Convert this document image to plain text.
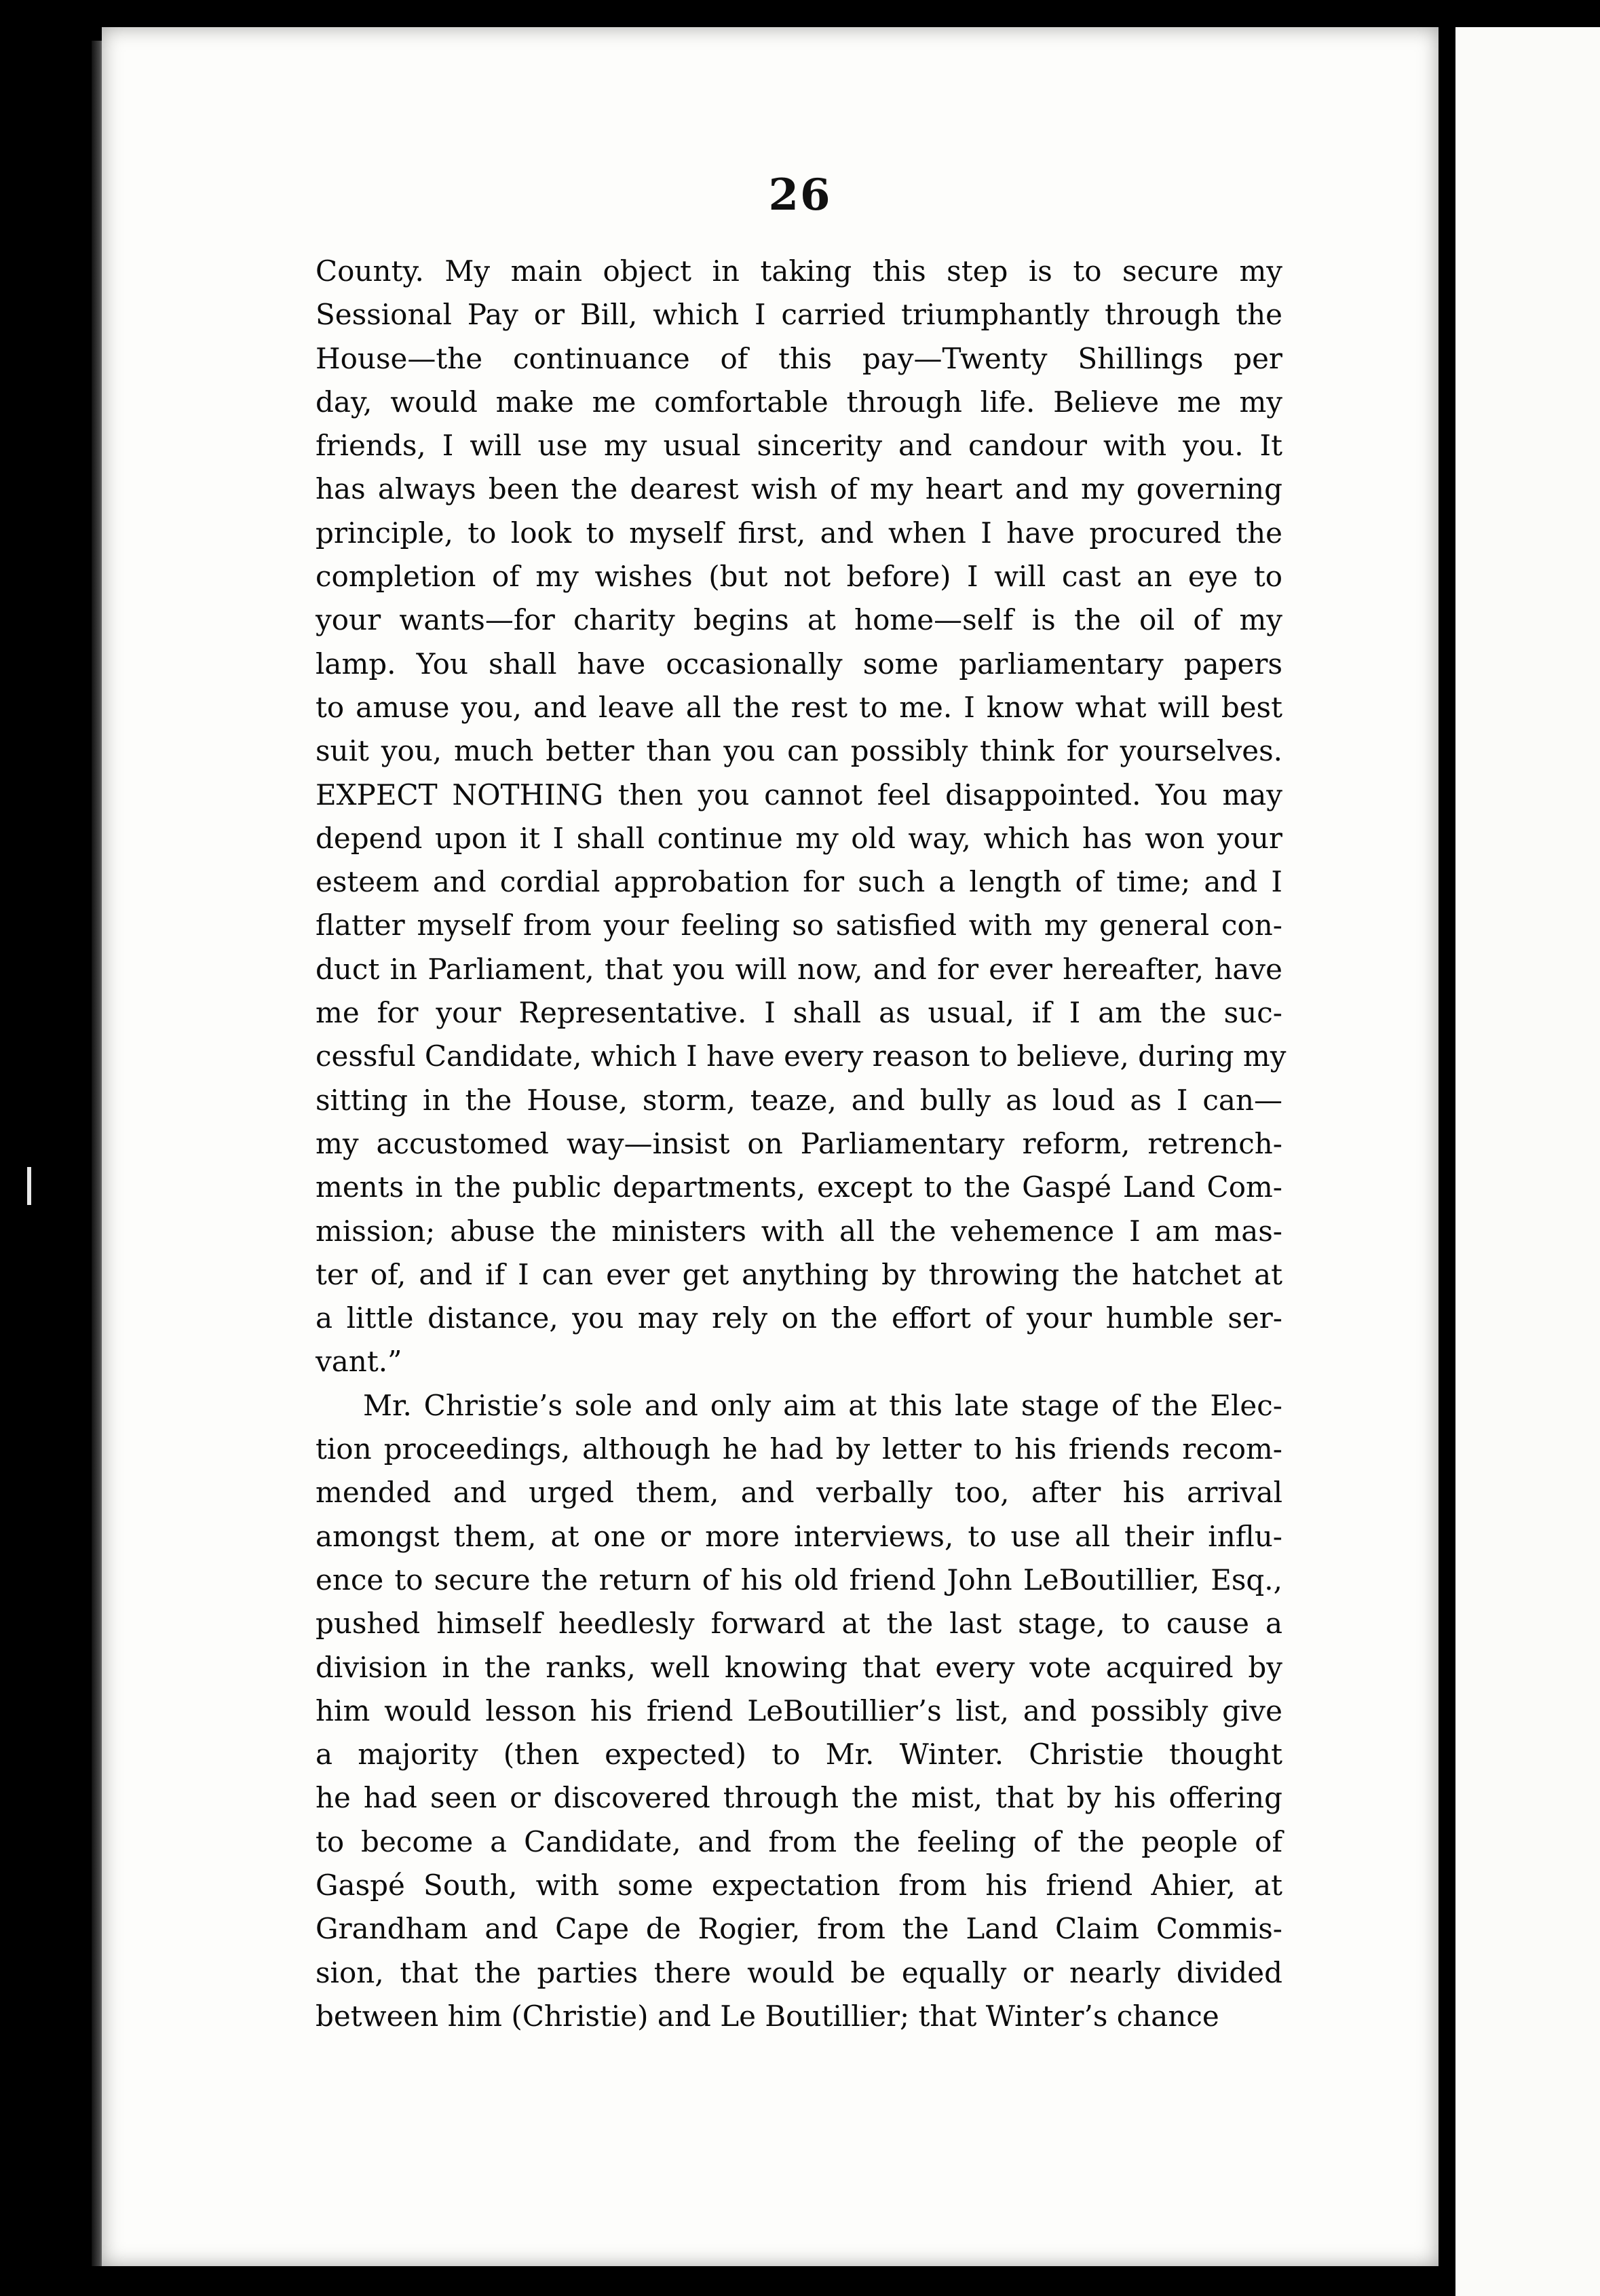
26
County. My main object in taking this step is to secure my
Sessional Pay or Bill, which I carried triumphantly through the
House—the continuance of this pay—Twenty Shillings per
day, would make me comfortable through life. Believe me my
friends, I will use my usual sincerity and candour with you. It
has always been the dearest wish of my heart and my governing
principle, to look to myself first, and when I have procured the
completion of my wishes (but not before) I will cast an eye to
your wants—for charity begins at home—self is the oil of my
lamp. You shall have occasionally some parliamentary papers
to amuse you, and leave all the rest to me. I know what will best
suit you, much better than you can possibly think for yourselves.
EXPECT NOTHING then you cannot feel disappointed. You may
depend upon it I shall continue my old way, which has won your
esteem and cordial approbation for such a length of time; and I
flatter myself from your feeling so satisfied with my general con-
duct in Parliament, that you will now, and for ever hereafter, have
me for your Representative. I shall as usual, if I am the suc-
cessful Candidate, which I have every reason to believe, during my
sitting in the House, storm, teaze, and bully as loud as I can—
my accustomed way—insist on Parliamentary reform, retrench-
ments in the public departments, except to the Gaspé Land Com-
mission; abuse the ministers with all the vehemence I am mas-
ter of, and if I can ever get anything by throwing the hatchet at
a little distance, you may rely on the effort of your humble ser-
vant.”
Mr. Christie’s sole and only aim at this late stage of the Elec-
tion proceedings, although he had by letter to his friends recom-
mended and urged them, and verbally too, after his arrival
amongst them, at one or more interviews, to use all their influ-
ence to secure the return of his old friend John LeBoutillier, Esq.,
pushed himself heedlesly forward at the last stage, to cause a
division in the ranks, well knowing that every vote acquired by
him would lesson his friend LeBoutillier’s list, and possibly give
a majority (then expected) to Mr. Winter. Christie thought
he had seen or discovered through the mist, that by his offering
to become a Candidate, and from the feeling of the people of
Gaspé South, with some expectation from his friend Ahier, at
Grandham and Cape de Rogier, from the Land Claim Commis-
sion, that the parties there would be equally or nearly divided
between him (Christie) and Le Boutillier; that Winter’s chance
